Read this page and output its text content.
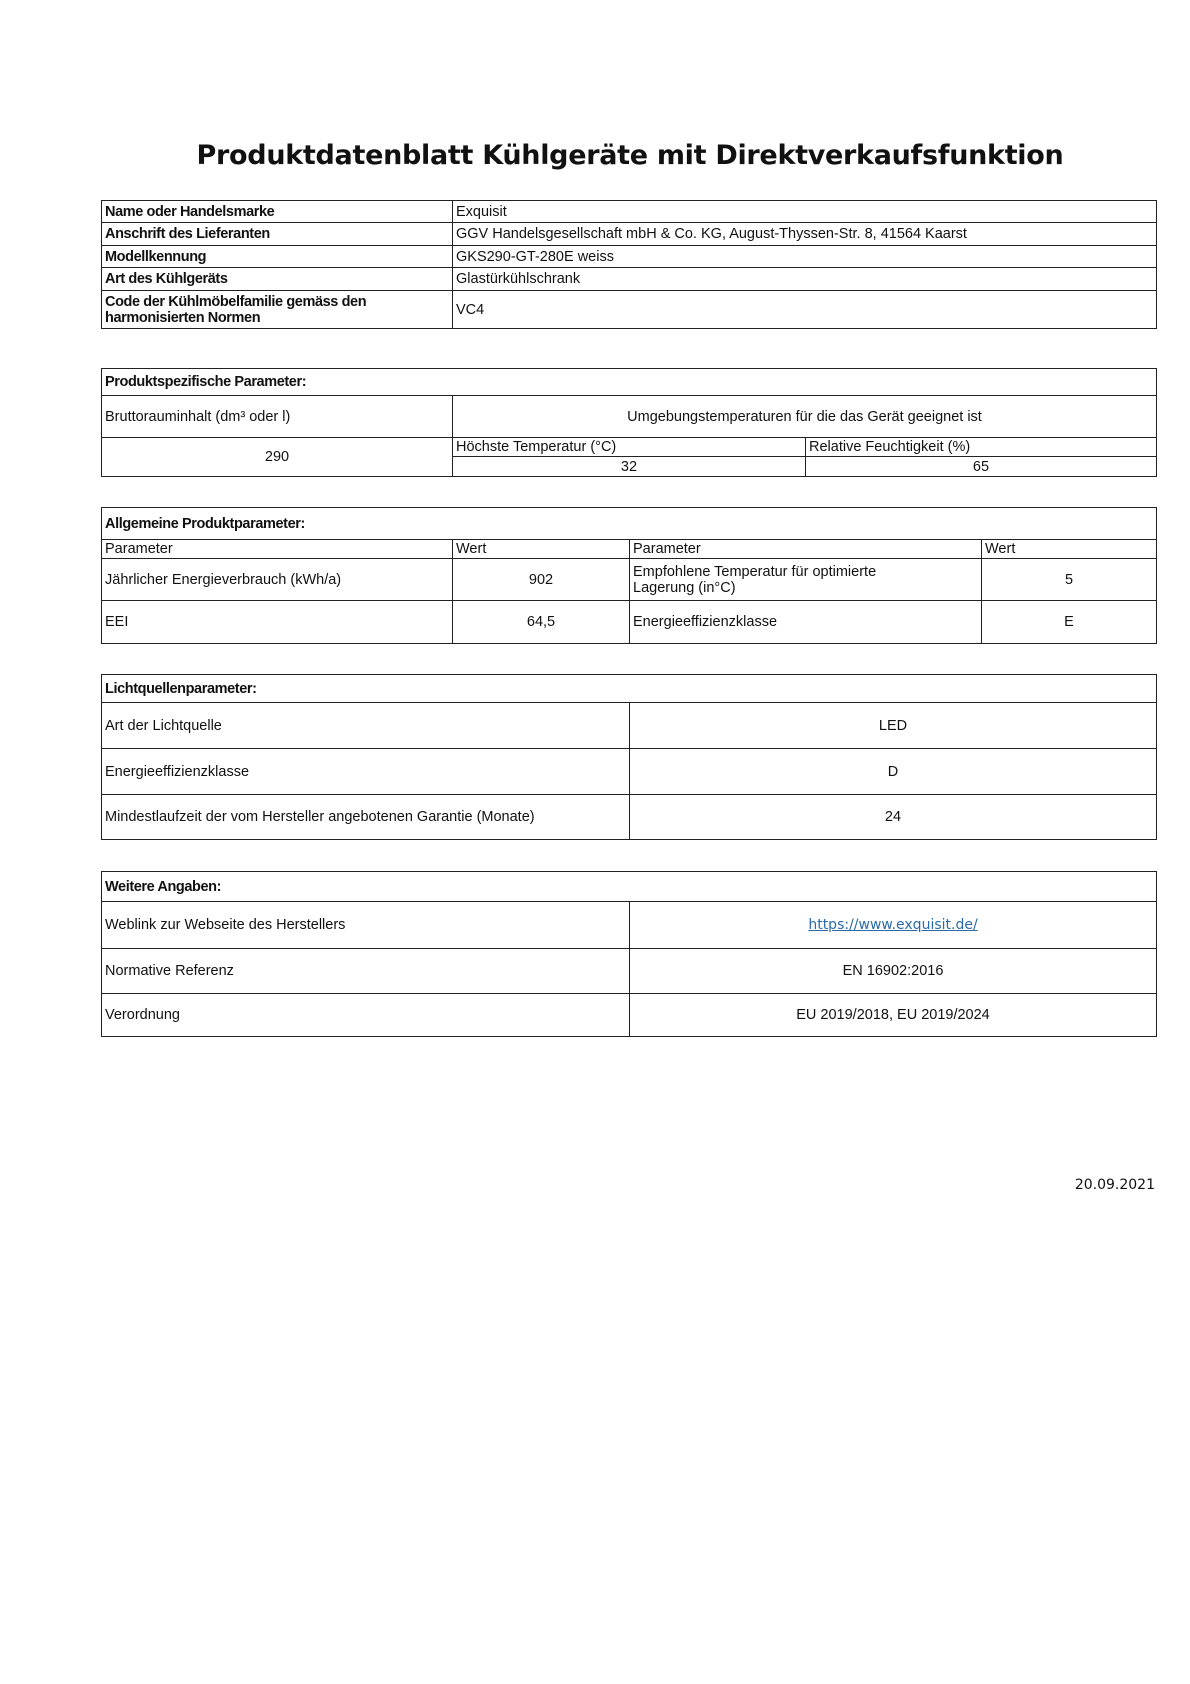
Produktdatenblatt Kühlgeräte mit Direktverkaufsfunktion
Name oder Handelsmarke	Exquisit
Anschrift des Lieferanten	GGV Handelsgesellschaft mbH & Co. KG, August-Thyssen-Str. 8, 41564 Kaarst
Modellkennung	GKS290-GT-280E weiss
Art des Kühlgeräts	Glastürkühlschrank
Code der Kühlmöbelfamilie gemäss den harmonisierten Normen	VC4
Produktspezifische Parameter:
Bruttorauminhalt (dm³ oder l)	Umgebungstemperaturen für die das Gerät geeignet ist
290
Höchste Temperatur (°C)	Relative Feuchtigkeit (%)
32	65
Allgemeine Produktparameter:
Parameter	Wert	Parameter	Wert
Jährlicher Energieverbrauch (kWh/a)	902	Empfohlene Temperatur für optimierte Lagerung (in°C)	5
EEI	64,5	Energieeffizienzklasse	E
Lichtquellenparameter:
Art der Lichtquelle	LED
Energieeffizienzklasse	D
Mindestlaufzeit der vom Hersteller angebotenen Garantie (Monate)	24
Weitere Angaben:
Weblink zur Webseite des Herstellers	https://www.exquisit.de/
Normative Referenz	EN 16902:2016
Verordnung	EU 2019/2018, EU 2019/2024
20.09.2021
